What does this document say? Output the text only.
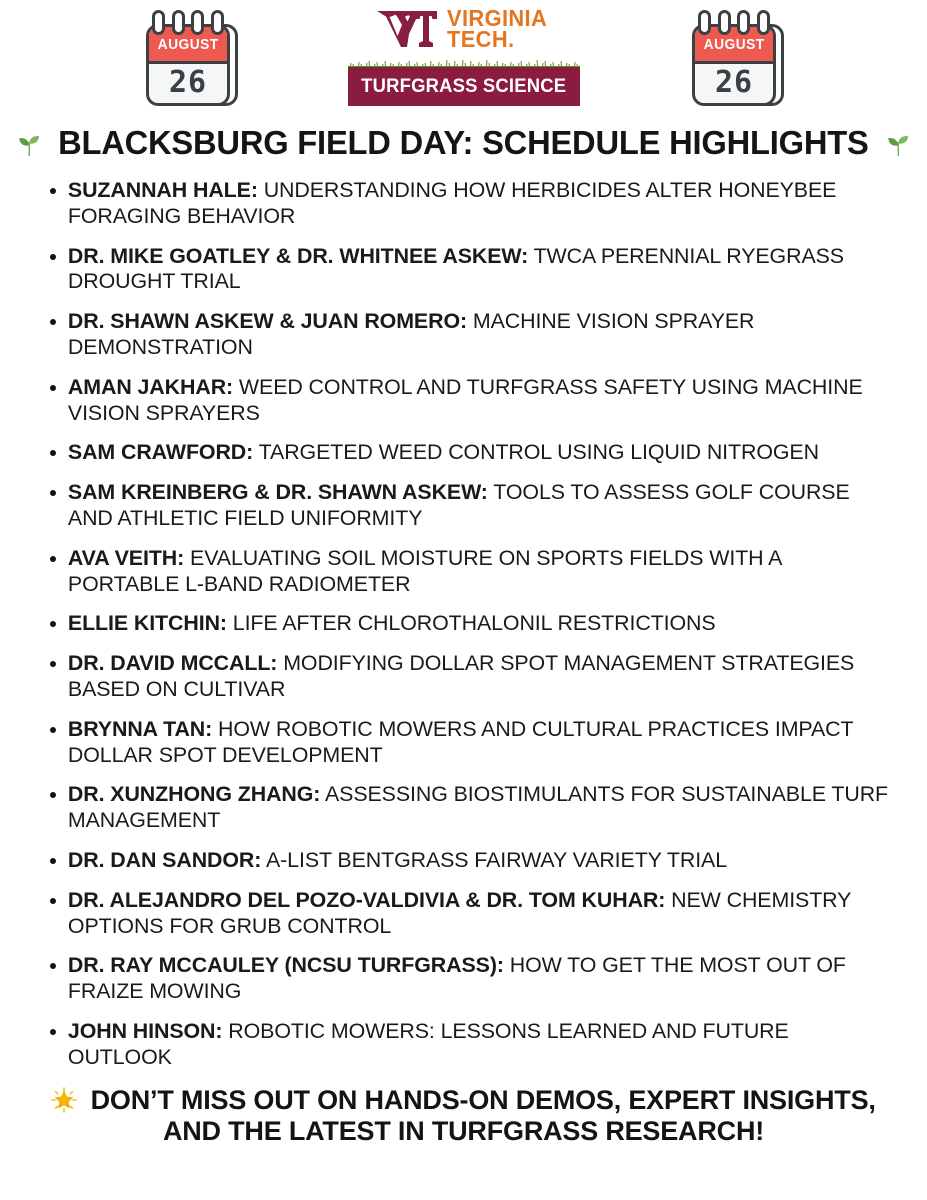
AUGUST
26
VIRGINIA
TECH.
TURFGRASS SCIENCE
AUGUST
26
BLACKSBURG FIELD DAY: SCHEDULE HIGHLIGHTS
SUZANNAH HALE: UNDERSTANDING HOW HERBICIDES ALTER HONEYBEE FORAGING BEHAVIOR
DR. MIKE GOATLEY & DR. WHITNEE ASKEW: TWCA PERENNIAL RYEGRASS DROUGHT TRIAL
DR. SHAWN ASKEW & JUAN ROMERO: MACHINE VISION SPRAYER DEMONSTRATION
AMAN JAKHAR: WEED CONTROL AND TURFGRASS SAFETY USING MACHINE VISION SPRAYERS
SAM CRAWFORD: TARGETED WEED CONTROL USING LIQUID NITROGEN
SAM KREINBERG & DR. SHAWN ASKEW: TOOLS TO ASSESS GOLF COURSE AND ATHLETIC FIELD UNIFORMITY
AVA VEITH: EVALUATING SOIL MOISTURE ON SPORTS FIELDS WITH A PORTABLE L-BAND RADIOMETER
ELLIE KITCHIN: LIFE AFTER CHLOROTHALONIL RESTRICTIONS
DR. DAVID MCCALL: MODIFYING DOLLAR SPOT MANAGEMENT STRATEGIES BASED ON CULTIVAR
BRYNNA TAN: HOW ROBOTIC MOWERS AND CULTURAL PRACTICES IMPACT DOLLAR SPOT DEVELOPMENT
DR. XUNZHONG ZHANG: ASSESSING BIOSTIMULANTS FOR SUSTAINABLE TURF MANAGEMENT
DR. DAN SANDOR: A-LIST BENTGRASS FAIRWAY VARIETY TRIAL
DR. ALEJANDRO DEL POZO-VALDIVIA & DR. TOM KUHAR: NEW CHEMISTRY OPTIONS FOR GRUB CONTROL
DR. RAY MCCAULEY (NCSU TURFGRASS): HOW TO GET THE MOST OUT OF FRAIZE MOWING
JOHN HINSON: ROBOTIC MOWERS: LESSONS LEARNED AND FUTURE OUTLOOK
DON’T MISS OUT ON HANDS-ON DEMOS, EXPERT INSIGHTS,
AND THE LATEST IN TURFGRASS RESEARCH!
